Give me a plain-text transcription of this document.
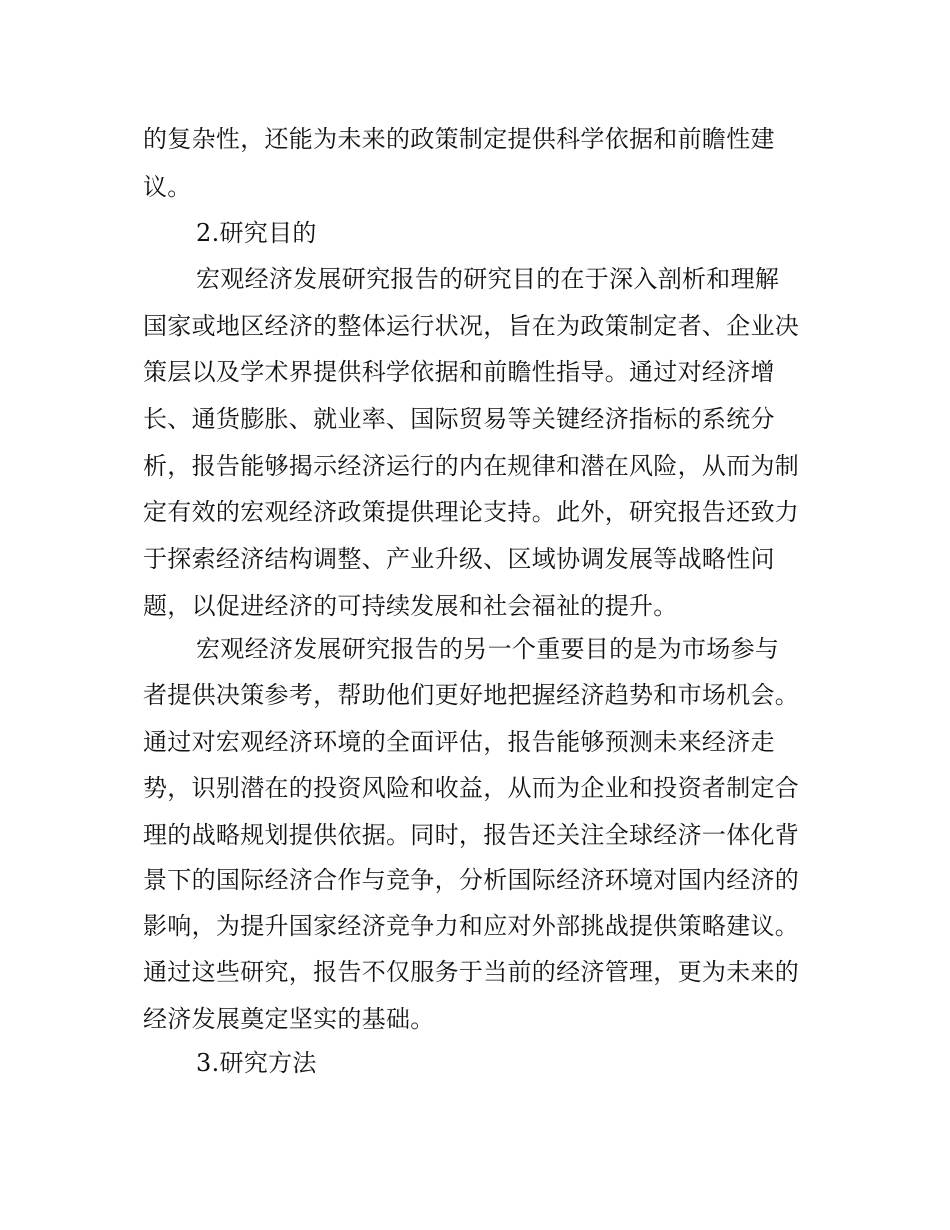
的复杂性，还能为未来的政策制定提供科学依据和前瞻性建
议。
2.研究目的
宏观经济发展研究报告的研究目的在于深入剖析和理解
国家或地区经济的整体运行状况，旨在为政策制定者、企业决
策层以及学术界提供科学依据和前瞻性指导。通过对经济增
长、通货膨胀、就业率、国际贸易等关键经济指标的系统分
析，报告能够揭示经济运行的内在规律和潜在风险，从而为制
定有效的宏观经济政策提供理论支持。此外，研究报告还致力
于探索经济结构调整、产业升级、区域协调发展等战略性问
题，以促进经济的可持续发展和社会福祉的提升。
宏观经济发展研究报告的另一个重要目的是为市场参与
者提供决策参考，帮助他们更好地把握经济趋势和市场机会。
通过对宏观经济环境的全面评估，报告能够预测未来经济走
势，识别潜在的投资风险和收益，从而为企业和投资者制定合
理的战略规划提供依据。同时，报告还关注全球经济一体化背
景下的国际经济合作与竞争，分析国际经济环境对国内经济的
影响，为提升国家经济竞争力和应对外部挑战提供策略建议。
通过这些研究，报告不仅服务于当前的经济管理，更为未来的
经济发展奠定坚实的基础。
3.研究方法
